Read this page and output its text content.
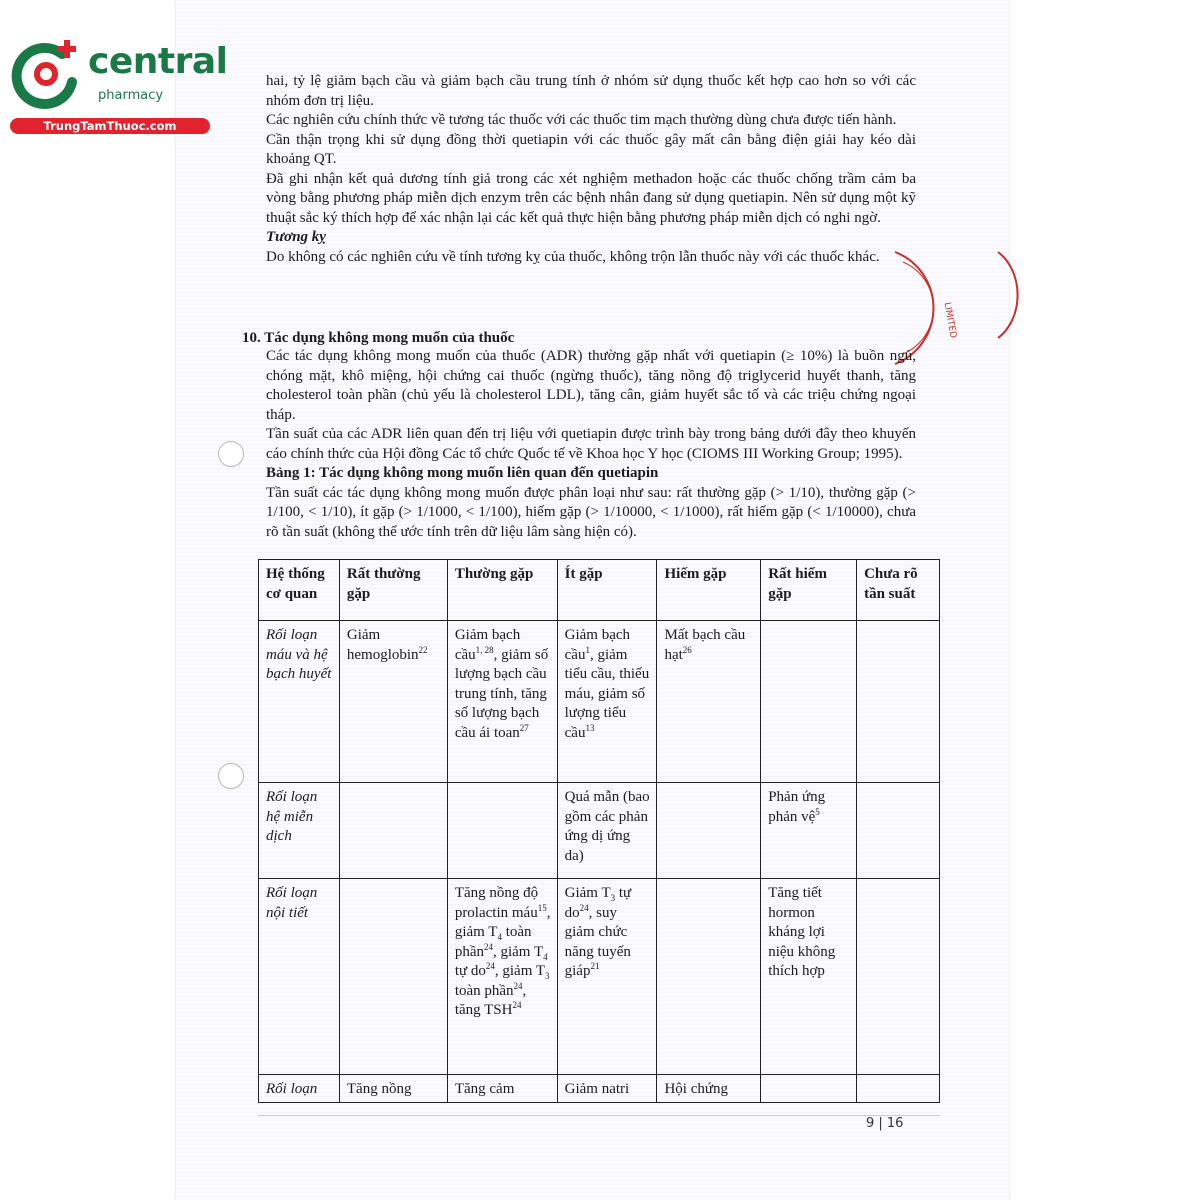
central
pharmacy
TrungTamThuoc.com
LIMITED

hai, tỷ lệ giảm bạch cầu và giảm bạch cầu trung tính ở nhóm sử dụng thuốc kết hợp cao hơn so với các nhóm đơn trị liệu.

Các nghiên cứu chính thức về tương tác thuốc với các thuốc tim mạch thường dùng chưa được tiến hành.

Cần thận trọng khi sử dụng đồng thời quetiapin với các thuốc gây mất cân bằng điện giải hay kéo dài khoảng QT.

Đã ghi nhận kết quả dương tính giả trong các xét nghiệm methadon hoặc các thuốc chống trầm cảm ba vòng bằng phương pháp miễn dịch enzym trên các bệnh nhân đang sử dụng quetiapin. Nên sử dụng một kỹ thuật sắc ký thích hợp để xác nhận lại các kết quả thực hiện bằng phương pháp miễn dịch có nghi ngờ.

Tương kỵ

Do không có các nghiên cứu về tính tương kỵ của thuốc, không trộn lẫn thuốc này với các thuốc khác.

10. Tác dụng không mong muốn của thuốc

Các tác dụng không mong muốn của thuốc (ADR) thường gặp nhất với quetiapin (≥ 10%) là buồn ngủ, chóng mặt, khô miệng, hội chứng cai thuốc (ngừng thuốc), tăng nồng độ triglycerid huyết thanh, tăng cholesterol toàn phần (chủ yếu là cholesterol LDL), tăng cân, giảm huyết sắc tố và các triệu chứng ngoại tháp.

Tần suất của các ADR liên quan đến trị liệu với quetiapin được trình bày trong bảng dưới đây theo khuyến cáo chính thức của Hội đồng Các tổ chức Quốc tế về Khoa học Y học (CIOMS III Working Group; 1995).

Bảng 1: Tác dụng không mong muốn liên quan đến quetiapin

Tần suất các tác dụng không mong muốn được phân loại như sau: rất thường gặp (> 1/10), thường gặp (> 1/100, < 1/10), ít gặp (> 1/1000, < 1/100), hiếm gặp (> 1/10000, < 1/1000), rất hiếm gặp (< 1/10000), chưa rõ tần suất (không thể ước tính trên dữ liệu lâm sàng hiện có).

Hệ thống cơ quan	Rất thường gặp	Thường gặp	Ít gặp	Hiếm gặp	Rất hiếm gặp	Chưa rõ tần suất
Rối loạn máu và hệ bạch huyết	Giảm hemoglobin$^{22}$	Giảm bạch cầu$^{1, 28}$, giảm số lượng bạch cầu trung tính, tăng số lượng bạch cầu ái toan$^{27}$	Giảm bạch cầu$^1$, giảm tiểu cầu, thiếu máu, giảm số lượng tiểu cầu$^{13}$	Mất bạch cầu hạt$^{26}$		
Rối loạn hệ miễn dịch			Quá mẫn (bao gồm các phản ứng dị ứng da)		Phản ứng phản vệ$^5$	
Rối loạn nội tiết		Tăng nồng độ prolactin máu$^{15}$, giảm $T_4$ toàn phần$^{24}$, giảm $T_4$ tự $do^{24}$, giảm $T_3$ toàn phần$^{24}$, tăng TSH$^{24}$	Giảm $T_3$ tự $do^{24}$, suy giảm chức năng tuyến giáp$^{21}$		Tăng tiết hormon kháng lợi niệu không thích hợp	
Rối loạn	Tăng nồng	Tăng cảm	Giảm natri	Hội chứng		
9 | 16
